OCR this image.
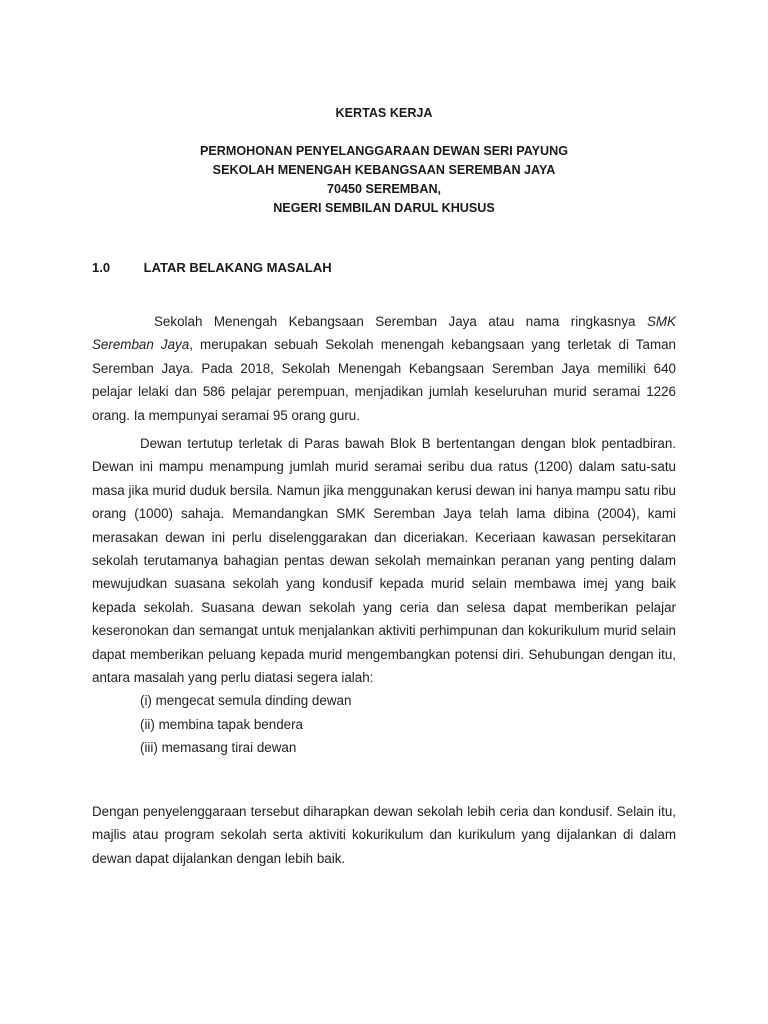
KERTAS KERJA
PERMOHONAN PENYELANGGARAAN DEWAN SERI PAYUNG
SEKOLAH MENENGAH KEBANGSAAN SEREMBAN JAYA
70450 SEREMBAN,
NEGERI SEMBILAN DARUL KHUSUS
1.0	LATAR BELAKANG MASALAH

Sekolah Menengah Kebangsaan Seremban Jaya atau nama ringkasnya SMK Seremban Jaya, merupakan sebuah Sekolah menengah kebangsaan yang terletak di Taman Seremban Jaya. Pada 2018, Sekolah Menengah Kebangsaan Seremban Jaya memiliki 640 pelajar lelaki dan 586 pelajar perempuan, menjadikan jumlah keseluruhan murid seramai 1226 orang. Ia mempunyai seramai 95 orang guru.

Dewan tertutup terletak di Paras bawah Blok B bertentangan dengan blok pentadbiran. Dewan ini mampu menampung jumlah murid seramai seribu dua ratus (1200) dalam satu-satu masa jika murid duduk bersila. Namun jika menggunakan kerusi dewan ini hanya mampu satu ribu orang (1000) sahaja. Memandangkan SMK Seremban Jaya telah lama dibina (2004), kami merasakan dewan ini perlu diselenggarakan dan diceriakan. Keceriaan kawasan persekitaran sekolah terutamanya bahagian pentas dewan sekolah memainkan peranan yang penting dalam mewujudkan suasana sekolah yang kondusif kepada murid selain membawa imej yang baik kepada sekolah. Suasana dewan sekolah yang ceria dan selesa dapat memberikan pelajar keseronokan dan semangat untuk menjalankan aktiviti perhimpunan dan kokurikulum murid selain dapat memberikan peluang kepada murid mengembangkan potensi diri. Sehubungan dengan itu, antara masalah yang perlu diatasi segera ialah:

(i) mengecat semula dinding dewan
(ii) membina tapak bendera
(iii) memasang tirai dewan

Dengan penyelenggaraan tersebut diharapkan dewan sekolah lebih ceria dan kondusif. Selain itu, majlis atau program sekolah serta aktiviti kokurikulum dan kurikulum yang dijalankan di dalam dewan dapat dijalankan dengan lebih baik.
